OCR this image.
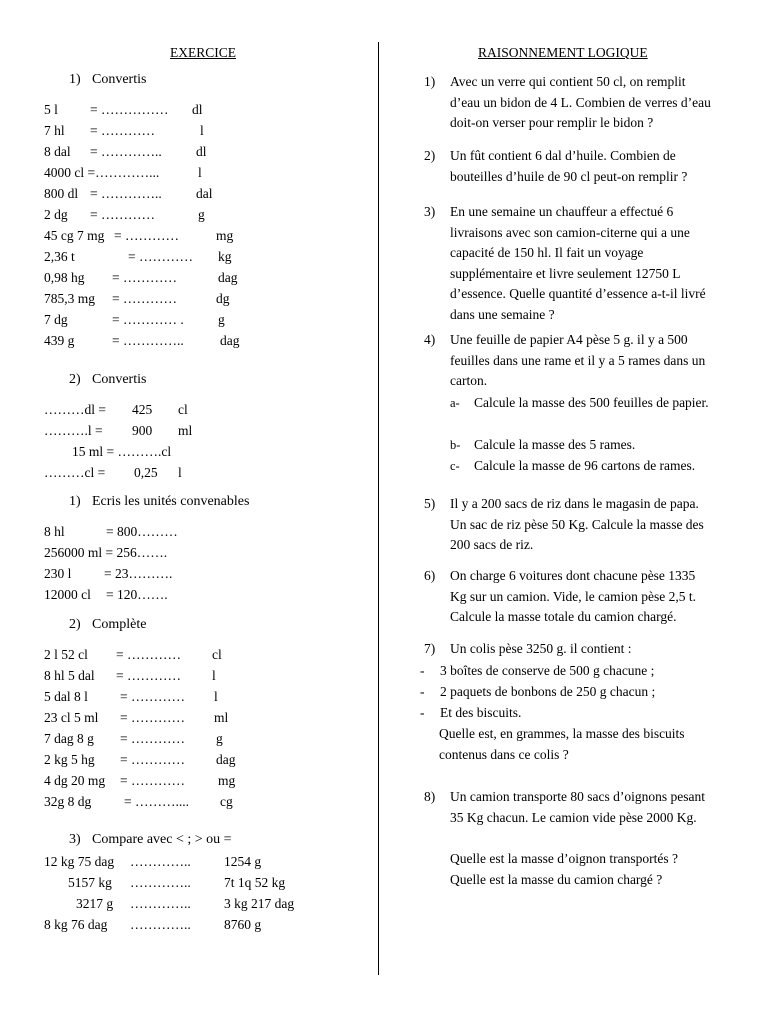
EXERCICE
1) Convertis
2) Convertis
1) Ecris les unités convenables
2) Complète
3) Compare avec < ; > ou =
5 l = …………… dl
7 hl = …………	l
8 dal = …………..	dl
4000 cl =…………...	l
800 dl = …………..	dal
2 dg = …………	g
45 cg 7 mg = …………	mg
2,36 t	= ………… kg
0,98 hg = …………	dag
785,3 mg = …………	dg
7 dg	= ………… .	g
439 g	= …………..	dag
………dl = 425 cl
……….l = 900 ml
15 ml = ……….cl
………cl = 0,25 l
8 hl	= 800………
256000 ml = 256…….
230 l = 23……….
12000 cl = 120…….
2 l 52 cl = ………… cl
8 hl 5 dal = ………… l
5 dal 8 l = ………… l
23 cl 5 ml = ………… ml
7 dag 8 g = ………… g
2 kg 5 hg = ………… dag
4 dg 20 mg = ………… mg
32g 8 dg = ……….... cg
12 kg 75 dag ………….. 1254 g
5157 kg ………….. 7t 1q 52 kg
3217 g ………….. 3 kg 217 dag
8 kg 76 dag ………….. 8760 g
RAISONNEMENT LOGIQUE
1) Avec un verre qui contient 50 cl, on remplit d’eau un bidon de 4 L. Combien de verres d’eau doit-on verser pour remplir le bidon ?
2) Un fût contient 6 dal d’huile. Combien de bouteilles d’huile de 90 cl peut-on remplir ?
3) En une semaine un chauffeur a effectué 6 livraisons avec son camion-citerne qui a une capacité de 150 hl. Il fait un voyage supplémentaire et livre seulement 12750 L d’essence. Quelle quantité d’essence a-t-il livré dans une semaine ?
4) Une feuille de papier A4 pèse 5 g. il y a 500 feuilles dans une rame et il y a 5 rames dans un carton.
a- Calcule la masse des 500 feuilles de papier.
b- Calcule la masse des 5 rames.
c- Calcule la masse de 96 cartons de rames.
5) Il y a 200 sacs de riz dans le magasin de papa. Un sac de riz pèse 50 Kg. Calcule la masse des 200 sacs de riz.
6) On charge 6 voitures dont chacune pèse 1335 Kg sur un camion. Vide, le camion pèse 2,5 t. Calcule la masse totale du camion chargé.
7) Un colis pèse 3250 g. il contient :
- 3 boîtes de conserve de 500 g chacune ;
- 2 paquets de bonbons de 250 g chacun ;
- Et des biscuits.
Quelle est, en grammes, la masse des biscuits contenus dans ce colis ?
8) Un camion transporte 80 sacs d’oignons pesant 35 Kg chacun. Le camion vide pèse 2000 Kg.
Quelle est la masse d’oignon transportés ?
Quelle est la masse du camion chargé ?
